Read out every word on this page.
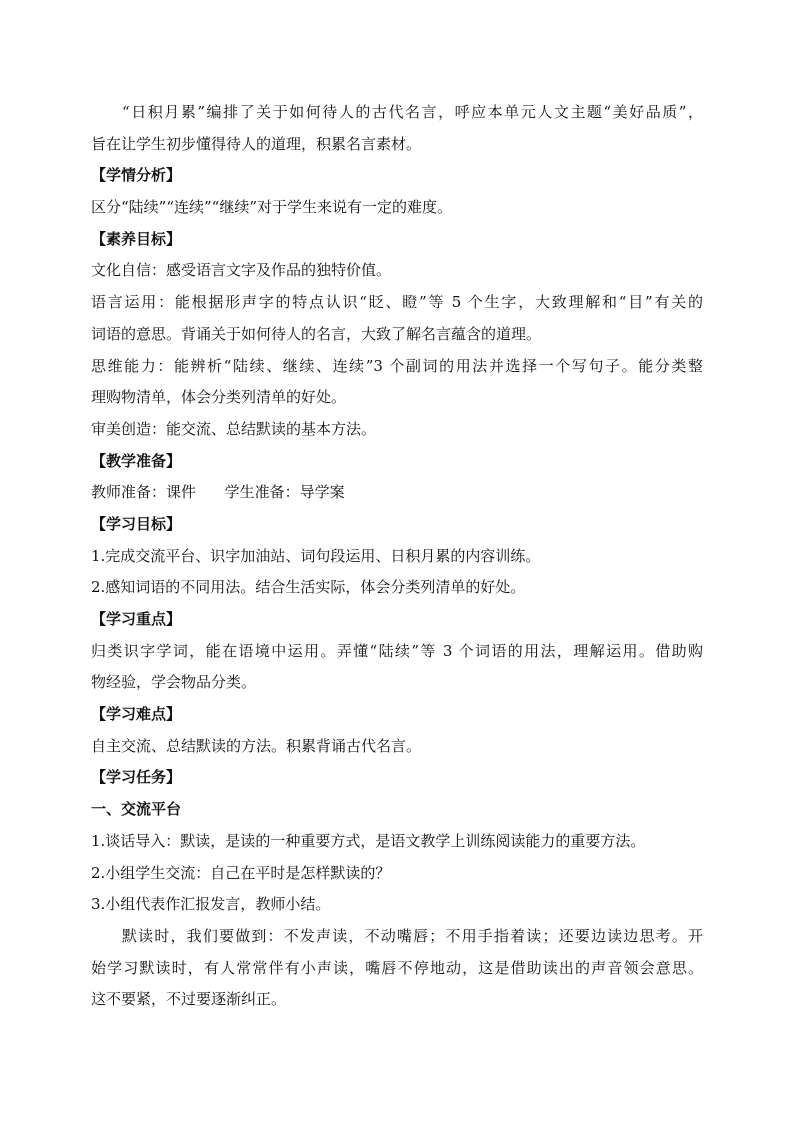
“日积月累”编排了关于如何待人的古代名言，呼应本单元人文主题“美好品质”，
旨在让学生初步懂得待人的道理，积累名言素材。
【学情分析】
区分“陆续”“连续”“继续”对于学生来说有一定的难度。
【素养目标】
文化自信：感受语言文字及作品的独特价值。
语言运用：能根据形声字的特点认识“眨、瞪”等 5 个生字，大致理解和“目”有关的
词语的意思。背诵关于如何待人的名言，大致了解名言蕴含的道理。
思维能力：能辨析“陆续、继续、连续”3 个副词的用法并选择一个写句子。能分类整
理购物清单，体会分类列清单的好处。
审美创造：能交流、总结默读的基本方法。
【教学准备】
教师准备：课件      学生准备：导学案
【学习目标】
1.完成交流平台、识字加油站、词句段运用、日积月累的内容训练。
2.感知词语的不同用法。结合生活实际，体会分类列清单的好处。
【学习重点】
归类识字学词，能在语境中运用。弄懂“陆续”等 3 个词语的用法，理解运用。借助购
物经验，学会物品分类。
【学习难点】
自主交流、总结默读的方法。积累背诵古代名言。
【学习任务】
一、交流平台
1.谈话导入：默读，是读的一种重要方式，是语文教学上训练阅读能力的重要方法。
2.小组学生交流：自己在平时是怎样默读的？
3.小组代表作汇报发言，教师小结。
默读时，我们要做到：不发声读，不动嘴唇；不用手指着读；还要边读边思考。开
始学习默读时，有人常常伴有小声读，嘴唇不停地动，这是借助读出的声音领会意思。
这不要紧，不过要逐渐纠正。
